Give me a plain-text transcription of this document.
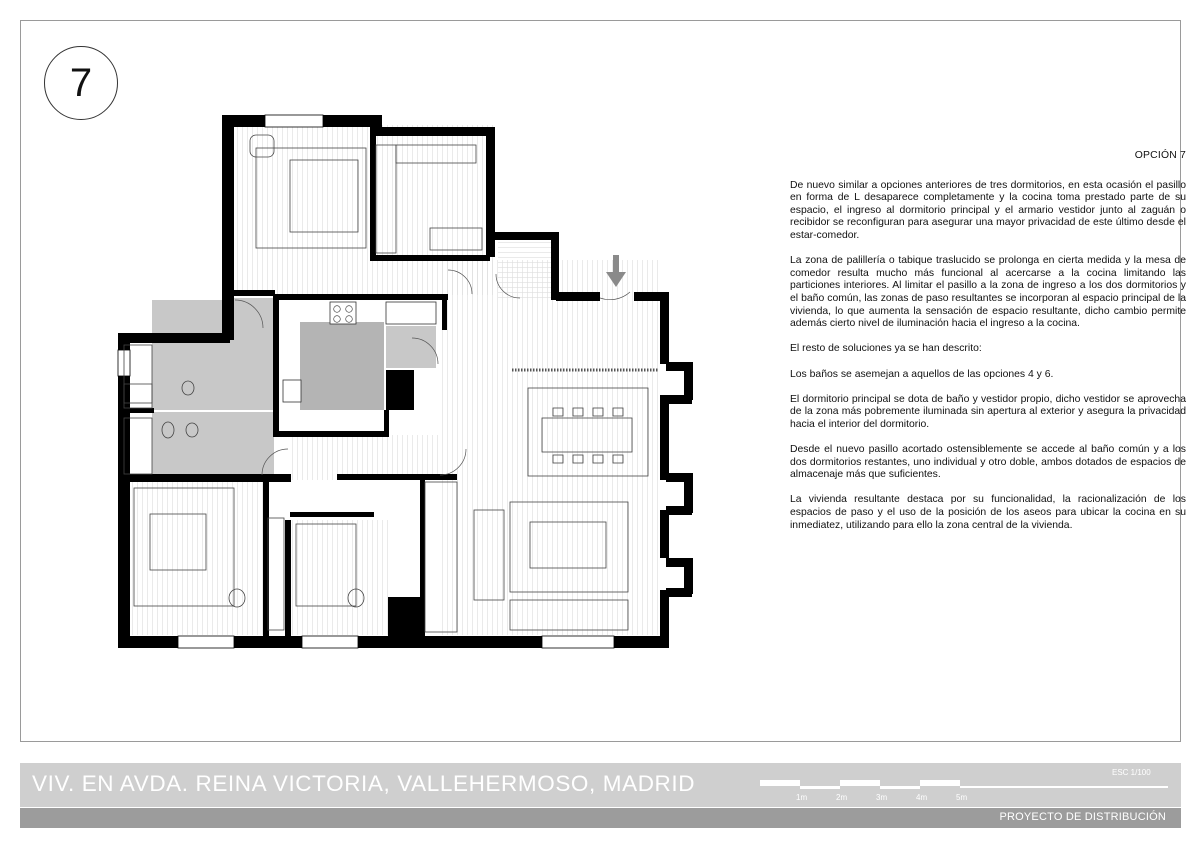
7
OPCIÓN 7

De nuevo similar a opciones anteriores de tres dormitorios, en esta ocasión el pasillo en forma de L desaparece completamente y la cocina toma prestado parte de su espacio, el ingreso al dormitorio principal y el armario vestidor junto al zaguán o recibidor se reconfiguran para asegurar una mayor privacidad de este último desde el estar-comedor.

La zona de palillería o tabique traslucido se prolonga en cierta medida y la mesa de comedor resulta mucho más funcional al acercarse a la cocina limitando las particiones interiores. Al limitar el pasillo a la zona de ingreso a los dos dormitorios y el baño común, las zonas de paso resultantes se incorporan al espacio principal de la vivienda, lo que aumenta la sensación de espacio resultante, dicho cambio permite además cierto nivel de iluminación hacia el ingreso a la cocina.

El resto de soluciones ya se han descrito:

Los baños se asemejan a aquellos de las opciones 4 y 6.

El dormitorio principal se dota de baño y vestidor propio, dicho vestidor se aprovecha de la zona más pobremente iluminada sin apertura al exterior y asegura la privacidad hacia el interior del dormitorio.

Desde el nuevo pasillo acortado ostensiblemente se accede al baño común y a los dos dormitorios restantes, uno individual y otro doble, ambos dotados de espacios de almacenaje más que suficientes.

La vivienda resultante destaca por su funcionalidad, la racionalización de los espacios de paso y el uso de la posición de los aseos para ubicar la cocina en su inmediatez, utilizando para ello la zona central de la vivienda.

VIV. EN AVDA. REINA VICTORIA, VALLEHERMOSO, MADRID	ESC 1/100
1m	2m	3m	4m	5m
PROYECTO DE DISTRIBUCIÓN
